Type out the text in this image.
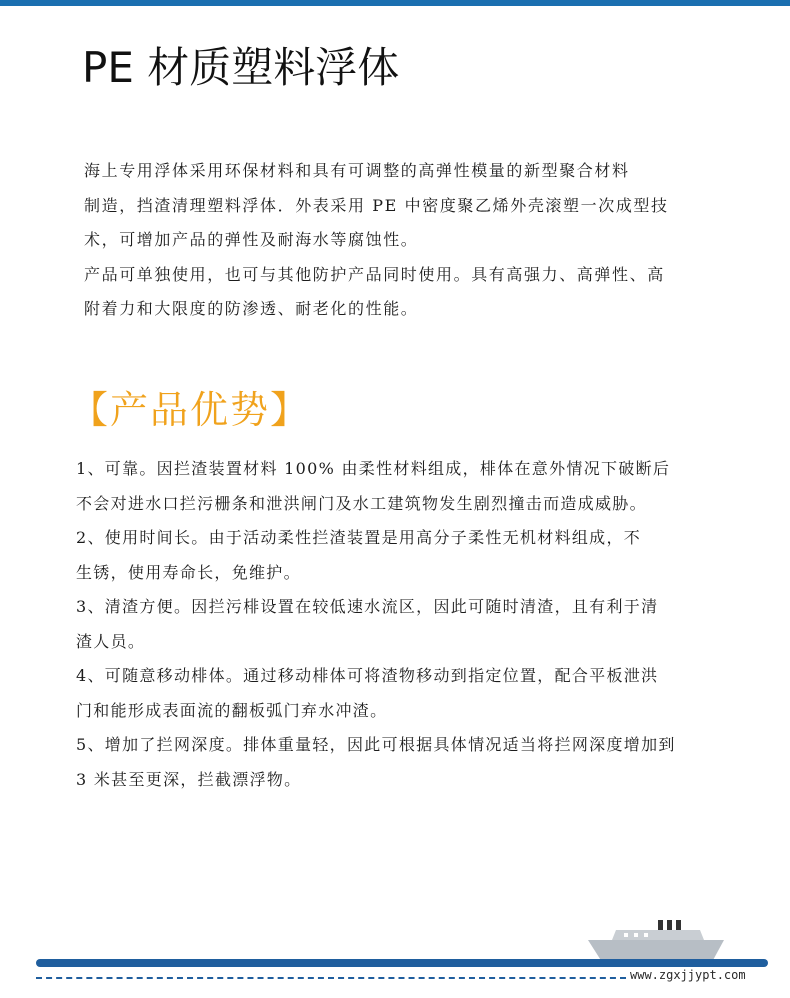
PE 材质塑料浮体

海上专用浮体采用环保材料和具有可调整的高弹性模量的新型聚合材料

制造，挡渣清理塑料浮体．外表采用 PE 中密度聚乙烯外壳滚塑一次成型技

术，可增加产品的弹性及耐海水等腐蚀性。

产品可单独使用，也可与其他防护产品同时使用。具有高强力、高弹性、高

附着力和大限度的防渗透、耐老化的性能。

【产品优势】

1、可靠。因拦渣装置材料 100% 由柔性材料组成，棑体在意外情况下破断后

不会对进水口拦污栅条和泄洪闸门及水工建筑物发生剧烈撞击而造成威胁。

2、使用时间长。由于活动柔性拦渣装置是用高分子柔性无机材料组成，不

生锈，使用寿命长，免维护。

3、清渣方便。因拦污棑设置在较低速水流区，因此可随时清渣，且有利于清

渣人员。

4、可随意移动棑体。通过移动棑体可将渣物移动到指定位置，配合平板泄洪

门和能形成表面流的翻板弧门弃水冲渣。

5、增加了拦网深度。排体重量轻，因此可根据具体情况适当将拦网深度增加到

3 米甚至更深，拦截漂浮物。

www.zgxjjypt.com
